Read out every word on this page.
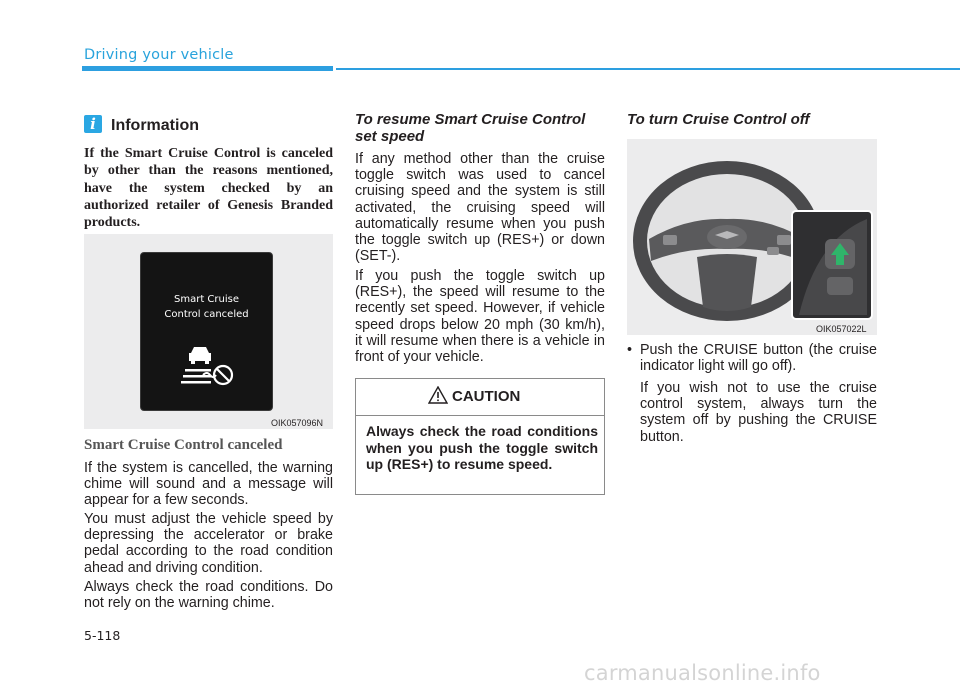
Driving your vehicle
i Information
If the Smart Cruise Control is canceled by other than the reasons mentioned, have the system checked by an authorized retailer of Genesis Branded products.
Smart Cruise
Control canceled
OIK057096N
Smart Cruise Control canceled
If the system is cancelled, the warning chime will sound and a message will appear for a few seconds.
You must adjust the vehicle speed by depressing the accelerator or brake pedal according to the road condition ahead and driving condition.
Always check the road conditions. Do not rely on the warning chime.
To resume Smart Cruise Control set speed
If any method other than the cruise toggle switch was used to cancel cruising speed and the system is still activated, the cruising speed will automatically resume when you push the toggle switch up (RES+) or down (SET-).
If you push the toggle switch up (RES+), the speed will resume to the recently set speed. However, if vehicle speed drops below 20 mph (30 km/h), it will resume when there is a vehicle in front of your vehicle.
CAUTION
Always check the road conditions when you push the toggle switch up (RES+) to resume speed.
To turn Cruise Control off
OIK057022L
• Push the CRUISE button (the cruise indicator light will go off).
If you wish not to use the cruise control system, always turn the system off by pushing the CRUISE button.
5-118
carmanualsonline.info
